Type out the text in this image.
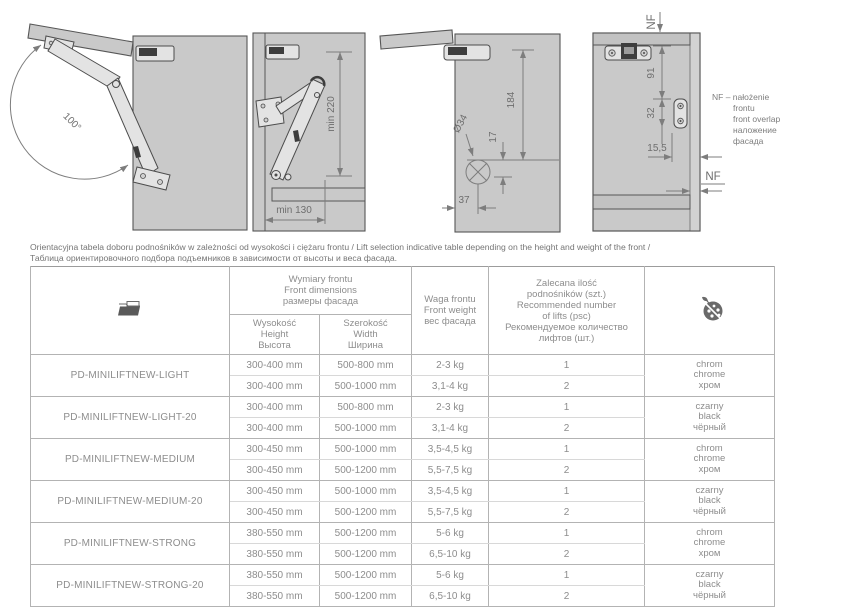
100°	min 220
min 130
184
Ø34
17
37
NF
91
32
15,5
NF
NF – nałożenie
frontu
front overlap
наложение
фасада
Orientacyjna tabela doboru podnośników w zależności od wysokości i ciężaru frontu / Lift selection indicative table depending on the height and weight of the front /
Таблица ориентировочного подбора подъемников в зависимости от высоты и веса фасада.

Wymiary frontu
Front dimensions
размеры фасада	Waga frontu
Front weight
вес фасада

Zalecana ilość
podnośników (szt.)
Recommended number
of lifts (psc)
Рекомендуемое количество
лифтов (шт.)

Wysokość
Height
Высота

Szerokość
Width
Ширина

PD-MINILIFTNEW-LIGHT	300-400 mm	500-800 mm	2-3 kg	1	chrom
chrome
хром

	300-400 mm	500-1000 mm	3,1-4 kg	2	
PD-MINILIFTNEW-LIGHT-20	300-400 mm	500-800 mm	2-3 kg	1	czarny
black
чёрный

	300-400 mm	500-1000 mm	3,1-4 kg	2	
PD-MINILIFTNEW-MEDIUM	300-450 mm	500-1000 mm	3,5-4,5 kg	1	chrom
chrome
хром

	300-450 mm	500-1200 mm	5,5-7,5 kg	2	
PD-MINILIFTNEW-MEDIUM-20	300-450 mm	500-1000 mm	3,5-4,5 kg	1	czarny
black
чёрный

	300-450 mm	500-1200 mm	5,5-7,5 kg	2	
PD-MINILIFTNEW-STRONG	380-550 mm	500-1200 mm	5-6 kg	1	chrom
chrome
хром

	380-550 mm	500-1200 mm	6,5-10 kg	2	
PD-MINILIFTNEW-STRONG-20	380-550 mm	500-1200 mm	5-6 kg	1	czarny
black
чёрный

	380-550 mm	500-1200 mm	6,5-10 kg	2	
